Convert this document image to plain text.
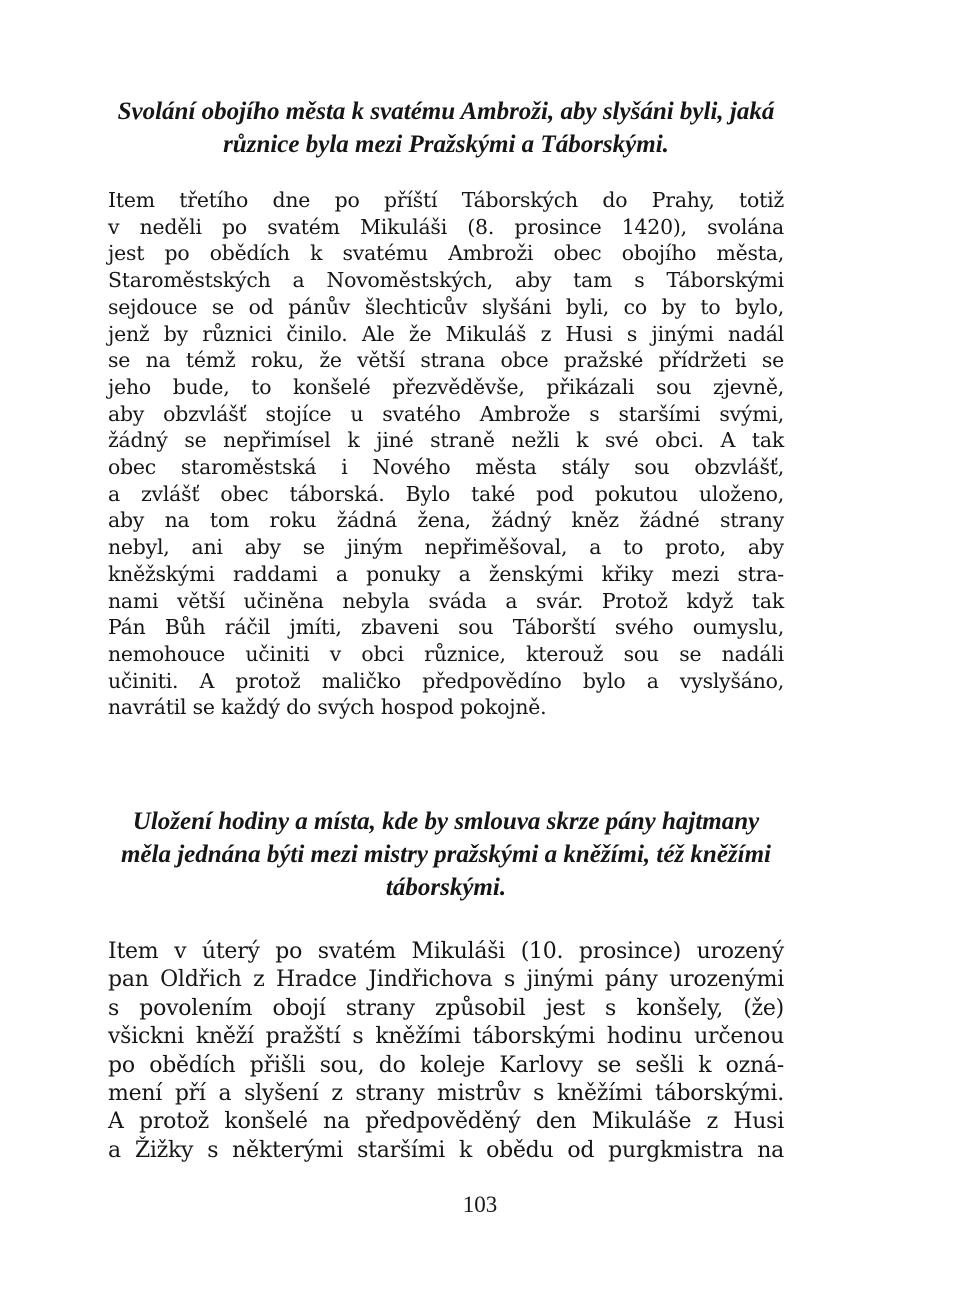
Svolání obojího města k svatému Ambroži, aby slyšáni byli, jaká
různice byla mezi Pražskými a Táborskými.

Item třetího dne po příští Táborských do Prahy, totiž
v neděli po svatém Mikuláši (8. prosince 1420), svolána
jest po obědích k svatému Ambroži obec obojího města,
Staroměstských a Novoměstských, aby tam s Táborskými
sejdouce se od pánův šlechticův slyšáni byli, co by to bylo,
jenž by různici činilo. Ale že Mikuláš z Husi s jinými nadál
se na témž roku, že větší strana obce pražské přídržeti se
jeho bude, to konšelé přezvěděvše, přikázali sou zjevně,
aby obzvlášť stojíce u svatého Ambrože s staršími svými,
žádný se nepřimísel k jiné straně nežli k své obci. A tak
obec staroměstská i Nového města stály sou obzvlášť,
a zvlášť obec táborská. Bylo také pod pokutou uloženo,
aby na tom roku žádná žena, žádný kněz žádné strany
nebyl, ani aby se jiným nepřiměšoval, a to proto, aby
kněžskými raddami a ponuky a ženskými křiky mezi stra-
nami větší učiněna nebyla sváda a svár. Protož když tak
Pán Bůh ráčil jmíti, zbaveni sou Táborští svého oumyslu,
nemohouce učiniti v obci různice, kterouž sou se nadáli
učiniti. A protož maličko předpovědíno bylo a vyslyšáno,
navrátil se každý do svých hospod pokojně.

Uložení hodiny a místa, kde by smlouva skrze pány hajtmany
měla jednána býti mezi mistry pražskými a kněžími, též kněžími
táborskými.

Item v úterý po svatém Mikuláši (10. prosince) urozený
pan Oldřich z Hradce Jindřichova s jinými pány urozenými
s povolením obojí strany způsobil jest s konšely, (že)
všickni kněží pražští s kněžími táborskými hodinu určenou
po obědích přišli sou, do koleje Karlovy se sešli k ozná-
mení pří a slyšení z strany mistrův s kněžími táborskými.
A protož konšelé na předpověděný den Mikuláše z Husi
a Žižky s některými staršími k obědu od purgkmistra na

103
